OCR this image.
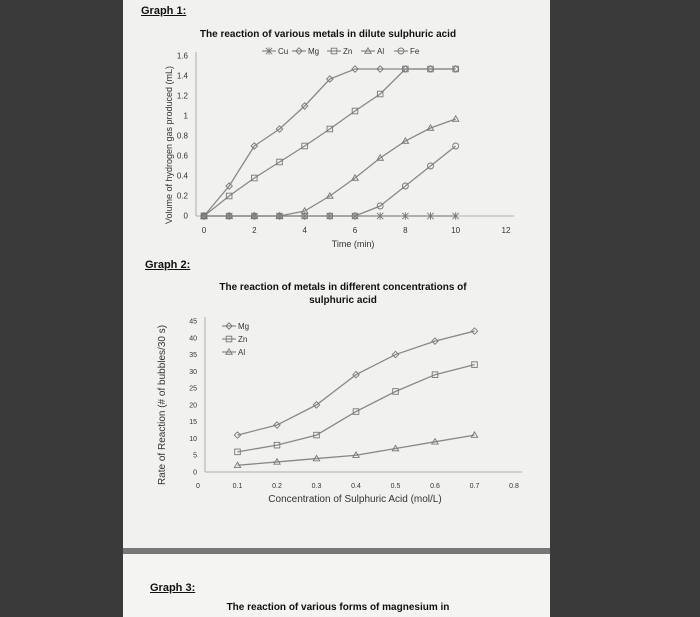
Graph 1:
The reaction of various metals in dilute sulphuric acid
Graph 2:
The reaction of metals in different concentrations of
sulphuric acid
Graph 3:
The reaction of various forms of magnesium in
0
0.2
0.4
0.6
0.8
1
1.2
1.4
1.6
0	2	4	6	8	10	12
Time (min)
Volume of hydrogen gas produced (mL)
Cu Mg	Zn	Al	Fe
0
5
10
15
20
25
30
35
40
45
0	0.1	0.2	0.3	0.4	0.5	0.6	0.7	0.8
Concentration of Sulphuric Acid (mol/L)
Rate of Reaction (# of bubbles/30 s)	Mg
Zn
Al
